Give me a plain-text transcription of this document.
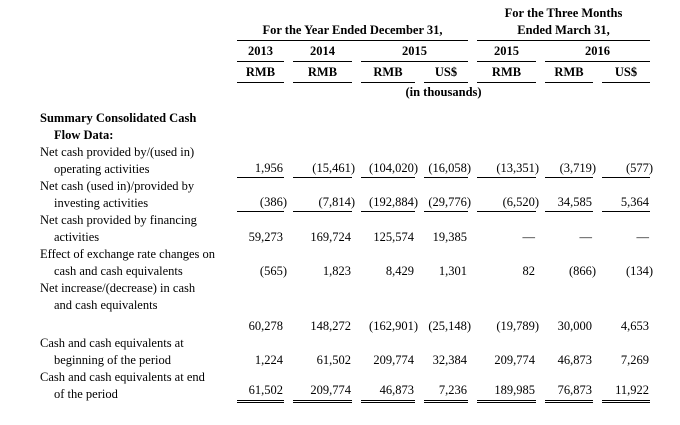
	For the Year Ended December 31,				For the Three Months
Ended March 31,		

	2013	2014	2015		2015	2016	

	RMB	RMB	RMB	US$	RMB	RMB	US$

	(in thousands)						

Summary Consolidated Cash
Flow Data:							

Net cash provided by/(used in)
operating activities	1,956	(15,461)	(104,020)	(16,058)	(13,351)	(3,719)	(577)

Net cash (used in)/provided by
investing activities	(386)	(7,814)	(192,884)	(29,776)	(6,520)	34,585	5,364

Net cash provided by financing
activities	59,273	169,724	125,574	19,385	—	—	—

Effect of exchange rate changes on
cash and cash equivalents	(565)	1,823	8,429	1,301	82	(866)	(134)

Net increase/(decrease) in cash
and cash equivalents	60,278	148,272	(162,901)	(25,148)	(19,789)	30,000	4,653

Cash and cash equivalents at
beginning of the period	1,224	61,502	209,774	32,384	209,774	46,873	7,269

Cash and cash equivalents at end
of the period	61,502	209,774	46,873	7,236	189,985	76,873	11,922
